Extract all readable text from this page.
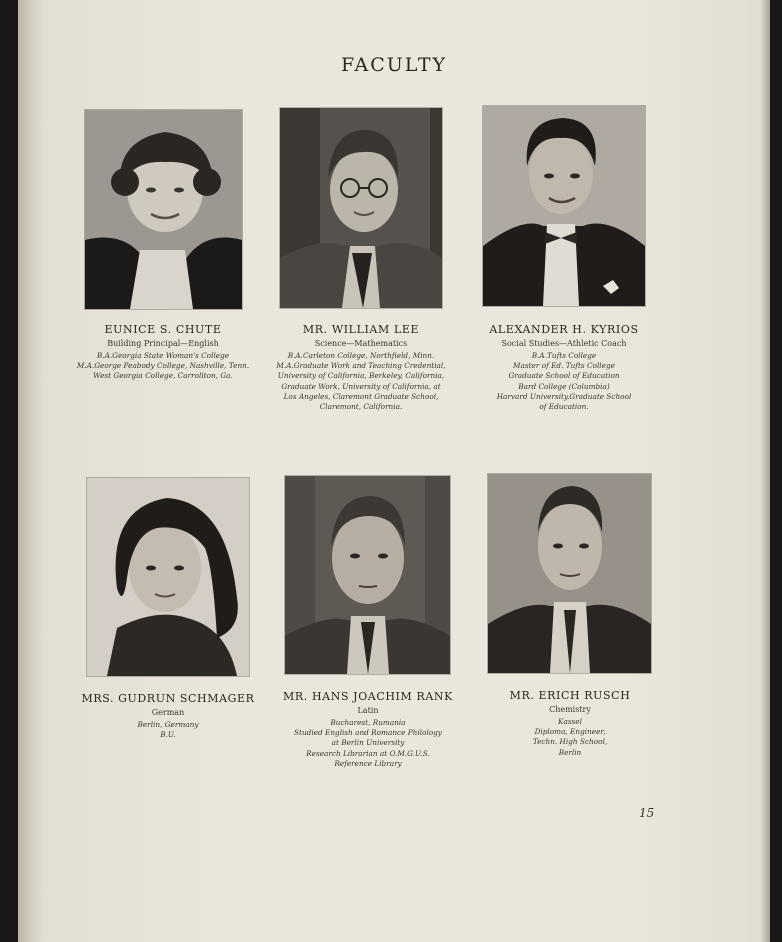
FACULTY
EUNICE S. CHUTE
Building Principal—English
B.A.Georgia State Woman's College
M.A.George Peabody College, Nashville, Tenn.
West Georgia College, Carrollton, Ga.
MR. WILLIAM LEE
Science—Mathematics
B.A.Carleton College, Northfield, Minn.
M.A.Graduate Work and Teaching Credential,
University of California, Berkeley, California,
Graduate Work, University of California, at
Los Angeles, Claremont Graduate School,
Claremont, California.
ALEXANDER H. KYRIOS
Social Studies—Athletic Coach
B.A.Tufts College
Master of Ed. Tufts College
Graduate School of Education
Bard College (Columbia)
Harvard University.Graduate School
of Education.
MRS. GUDRUN SCHMAGER
German
Berlin, Germany
B.U.
MR. HANS JOACHIM RANK
Latin
Bucharest, Rumania
Studied English and Romance Philology
at Berlin University
Research Librarian at O.M.G.U.S.
Reference Library
MR. ERICH RUSCH
Chemistry
Kassel
Diploma, Engineer,
Techn. High School,
Berlin
15
